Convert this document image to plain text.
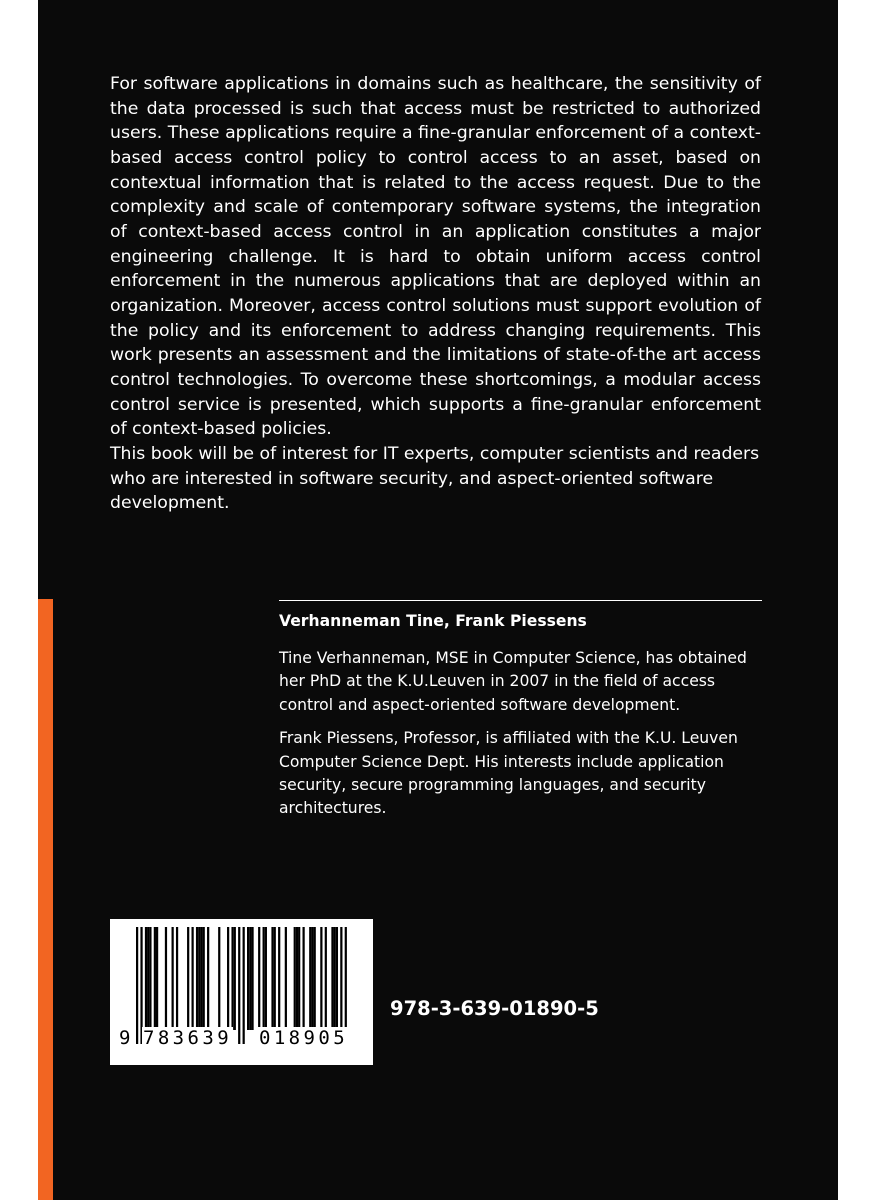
For software applications in domains such as healthcare, the sensitivity of the data processed is such that access must be restricted to authorized users. These applications require a fine-granular enforcement of a context-based access control policy to control access to an asset, based on contextual information that is related to the access request. Due to the complexity and scale of contemporary software systems, the integration of context-based access control in an application constitutes a major engineering challenge. It is hard to obtain uniform access control enforcement in the numerous applications that are deployed within an organization. Moreover, access control solutions must support evolution of the policy and its enforcement to address changing requirements. This work presents an assessment and the limitations of state-of-the art access control technologies. To overcome these shortcomings, a modular access control service is presented, which supports a fine-granular enforcement of context-based policies.

This book will be of interest for IT experts, computer scientists and readers who are interested in software security, and aspect-oriented software development.

Verhanneman Tine, Frank Piessens
Tine Verhanneman, MSE in Computer Science, has obtained her PhD at the K.U.Leuven in 2007 in the field of access control and aspect-oriented software development.
Frank Piessens, Professor, is affiliated with the K.U. Leuven Computer Science Dept. His interests include application security, secure programming languages, and security architectures.
9 783639 018905
978-3-639-01890-5
